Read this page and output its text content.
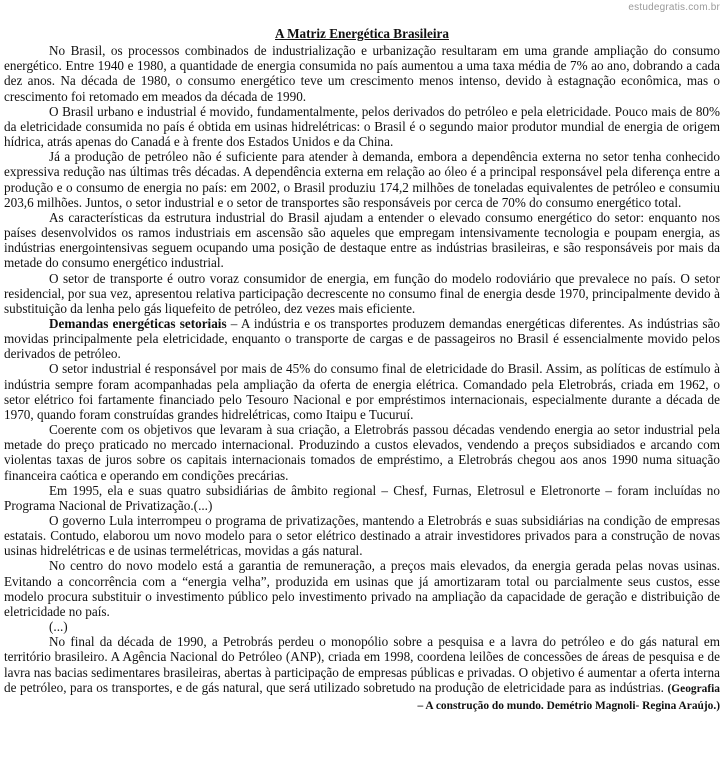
estudegratis.com.br
A Matriz Energética Brasileira

No Brasil, os processos combinados de industrialização e urbanização resultaram em uma grande ampliação do consumo energético. Entre 1940 e 1980, a quantidade de energia consumida no país aumentou a uma taxa média de 7% ao ano, dobrando a cada dez anos. Na década de 1980, o consumo energético teve um crescimento menos intenso, devido à estagnação econômica, mas o crescimento foi retomado em meados da década de 1990.

O Brasil urbano e industrial é movido, fundamentalmente, pelos derivados do petróleo e pela eletricidade. Pouco mais de 80% da eletricidade consumida no país é obtida em usinas hidrelétricas: o Brasil é o segundo maior produtor mundial de energia de origem hídrica, atrás apenas do Canadá e à frente dos Estados Unidos e da China.

Já a produção de petróleo não é suficiente para atender à demanda, embora a dependência externa no setor tenha conhecido expressiva redução nas últimas três décadas. A dependência externa em relação ao óleo é a principal responsável pela diferença entre a produção e o consumo de energia no país: em 2002, o Brasil produziu 174,2 milhões de toneladas equivalentes de petróleo e consumiu 203,6 milhões. Juntos, o setor industrial e o setor de transportes são responsáveis por cerca de 70% do consumo energético total.

As características da estrutura industrial do Brasil ajudam a entender o elevado consumo energético do setor: enquanto nos países desenvolvidos os ramos industriais em ascensão são aqueles que empregam intensivamente tecnologia e poupam energia, as indústrias energointensivas seguem ocupando uma posição de destaque entre as indústrias brasileiras, e são responsáveis por mais da metade do consumo energético industrial.

O setor de transporte é outro voraz consumidor de energia, em função do modelo rodoviário que prevalece no país. O setor residencial, por sua vez, apresentou relativa participação decrescente no consumo final de energia desde 1970, principalmente devido à substituição da lenha pelo gás liquefeito de petróleo, dez vezes mais eficiente.

Demandas energéticas setoriais – A indústria e os transportes produzem demandas energéticas diferentes. As indústrias são movidas principalmente pela eletricidade, enquanto o transporte de cargas e de passageiros no Brasil é essencialmente movido pelos derivados de petróleo.

O setor industrial é responsável por mais de 45% do consumo final de eletricidade do Brasil. Assim, as políticas de estímulo à indústria sempre foram acompanhadas pela ampliação da oferta de energia elétrica. Comandado pela Eletrobrás, criada em 1962, o setor elétrico foi fartamente financiado pelo Tesouro Nacional e por empréstimos internacionais, especialmente durante a década de 1970, quando foram construídas grandes hidrelétricas, como Itaipu e Tucuruí.

Coerente com os objetivos que levaram à sua criação, a Eletrobrás passou décadas vendendo energia ao setor industrial pela metade do preço praticado no mercado internacional. Produzindo a custos elevados, vendendo a preços subsidiados e arcando com violentas taxas de juros sobre os capitais internacionais tomados de empréstimo, a Eletrobrás chegou aos anos 1990 numa situação financeira caótica e operando em condições precárias.

Em 1995, ela e suas quatro subsidiárias de âmbito regional – Chesf, Furnas, Eletrosul e Eletronorte – foram incluídas no Programa Nacional de Privatização.(...)

O governo Lula interrompeu o programa de privatizações, mantendo a Eletrobrás e suas subsidiárias na condição de empresas estatais. Contudo, elaborou um novo modelo para o setor elétrico destinado a atrair investidores privados para a construção de novas usinas hidrelétricas e de usinas termelétricas, movidas a gás natural.

No centro do novo modelo está a garantia de remuneração, a preços mais elevados, da energia gerada pelas novas usinas. Evitando a concorrência com a “energia velha”, produzida em usinas que já amortizaram total ou parcialmente seus custos, esse modelo procura substituir o investimento público pelo investimento privado na ampliação da capacidade de geração e distribuição de eletricidade no país.

(...)

No final da década de 1990, a Petrobrás perdeu o monopólio sobre a pesquisa e a lavra do petróleo e do gás natural em território brasileiro. A Agência Nacional do Petróleo (ANP), criada em 1998, coordena leilões de concessões de áreas de pesquisa e de lavra nas bacias sedimentares brasileiras, abertas à participação de empresas públicas e privadas. O objetivo é aumentar a oferta interna de petróleo, para os transportes, e de gás natural, que será utilizado sobretudo na produção de eletricidade para as indústrias. (Geografia – A construção do mundo. Demétrio Magnoli- Regina Araújo.)
